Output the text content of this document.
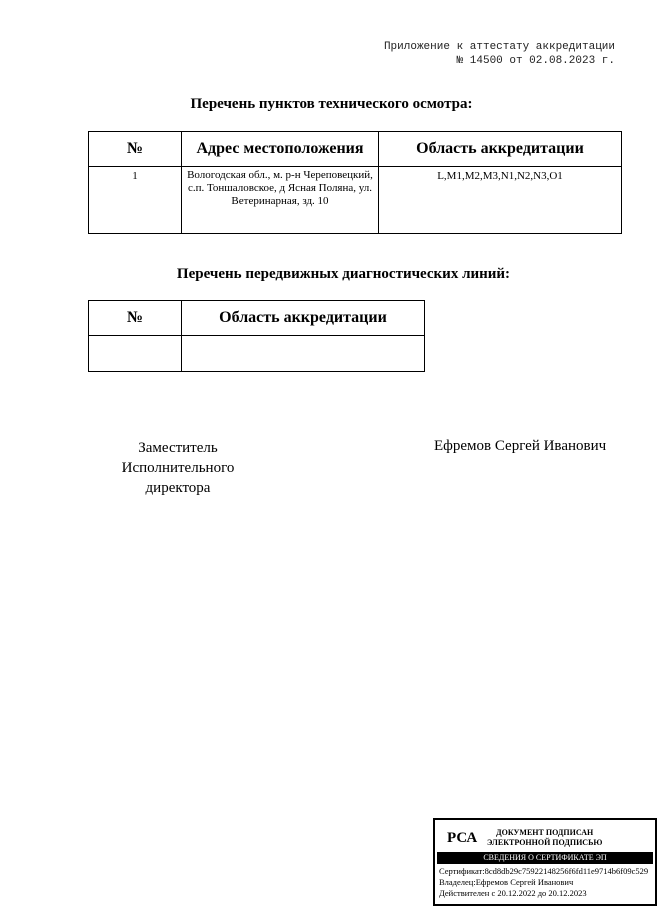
Приложение к аттестату аккредитации
№ 14500 от 02.08.2023 г.
Перечень пунктов технического осмотра:
№	Адрес местоположения	Область аккредитации
1	Вологодская обл., м. р-н Череповецкий, с.п. Тоншаловское, д Ясная Поляна, ул. Ветеринарная, зд. 10	L,M1,M2,M3,N1,N2,N3,O1
Перечень передвижных диагностических линий:
№	Область аккредитации

Заместитель
Исполнительного
директора
Ефремов Сергей Иванович
РСА	ДОКУМЕНТ ПОДПИСАН
ЭЛЕКТРОННОЙ ПОДПИСЬЮ
СВЕДЕНИЯ О СЕРТИФИКАТЕ ЭП
Сертификат:8cd8db29c75922148256f6fd11e9714b6f09c529
Владелец:Ефремов Сергей Иванович
Действителен с 20.12.2022 до 20.12.2023
